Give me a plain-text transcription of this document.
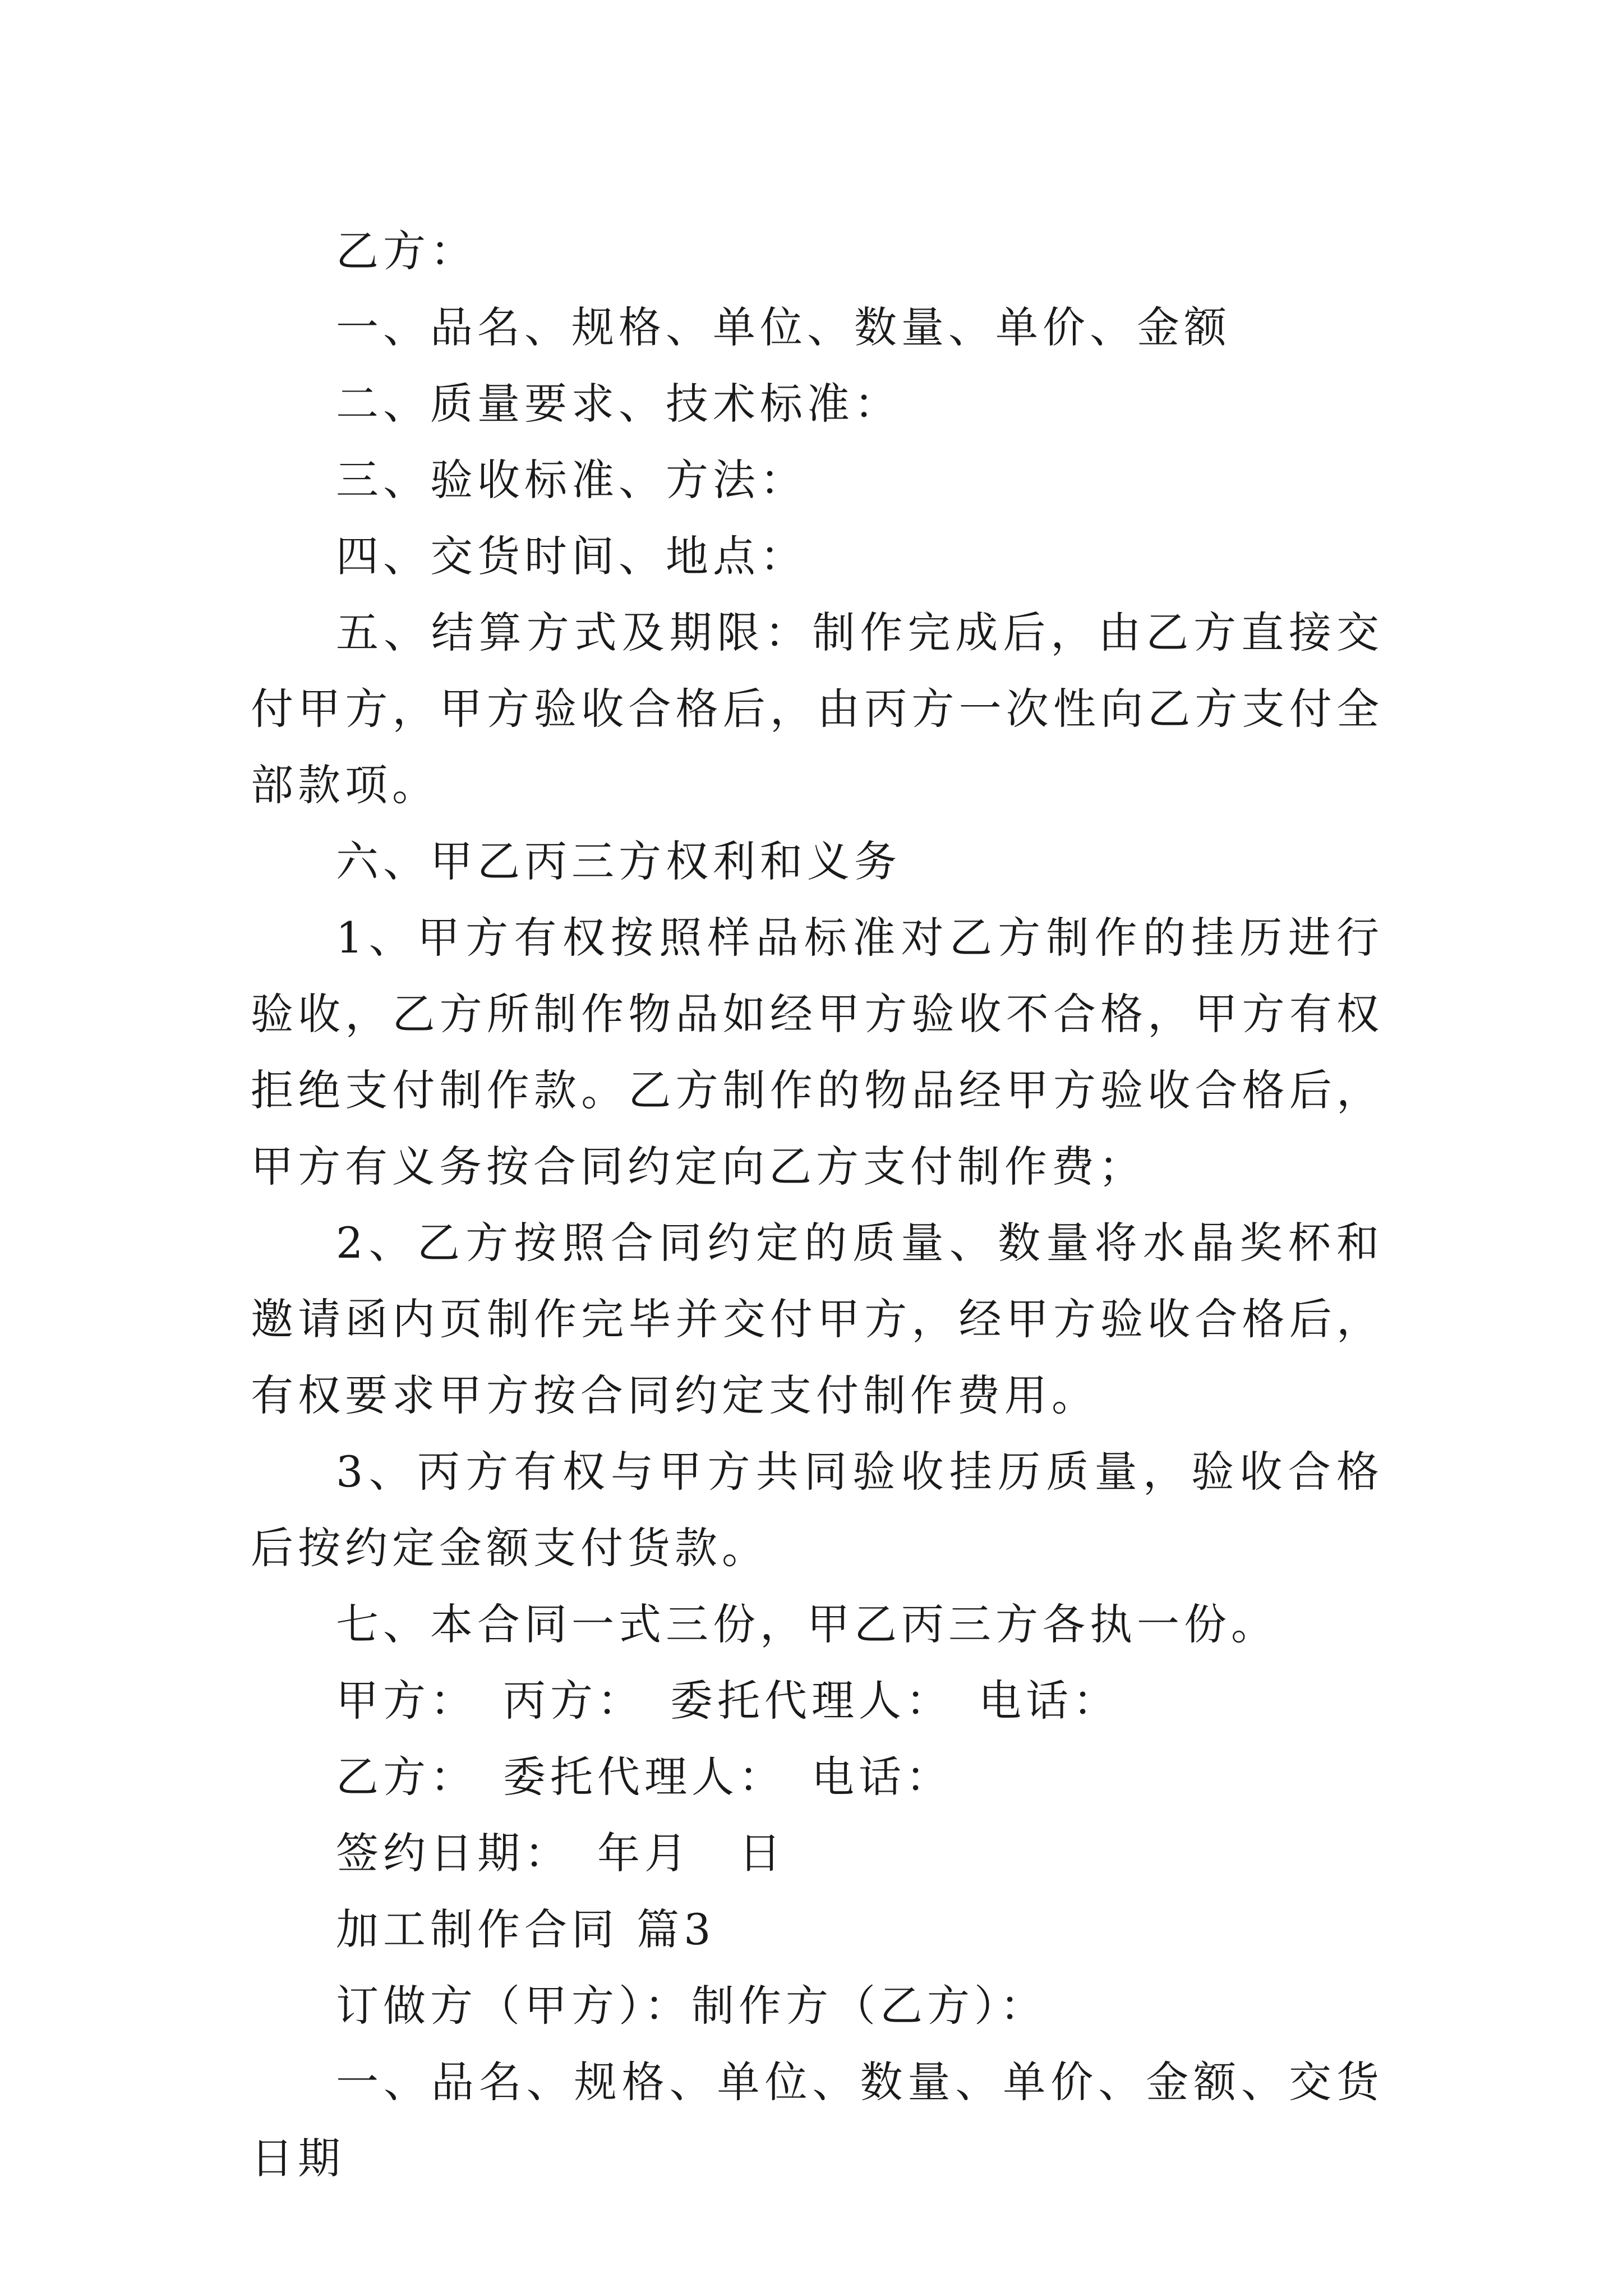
乙方：

一、品名、规格、单位、数量、单价、金额

二、质量要求、技术标准：

三、验收标准、方法：

四、交货时间、地点：

五、结算方式及期限：制作完成后，由乙方直接交付甲方，甲方验收合格后，由丙方一次性向乙方支付全部款项。

六、甲乙丙三方权利和义务

1、甲方有权按照样品标准对乙方制作的挂历进行验收，乙方所制作物品如经甲方验收不合格，甲方有权拒绝支付制作款。乙方制作的物品经甲方验收合格后，甲方有义务按合同约定向乙方支付制作费；

2、乙方按照合同约定的质量、数量将水晶奖杯和邀请函内页制作完毕并交付甲方，经甲方验收合格后，有权要求甲方按合同约定支付制作费用。

3、丙方有权与甲方共同验收挂历质量，验收合格后按约定金额支付货款。

七、本合同一式三份，甲乙丙三方各执一份。

甲方：　丙方：　委托代理人：　电话：

乙方：　委托代理人：　电话：

签约日期：　年月　日

加工制作合同 篇3

订做方（甲方）：制作方（乙方）：

一、品名、规格、单位、数量、单价、金额、交货日期
